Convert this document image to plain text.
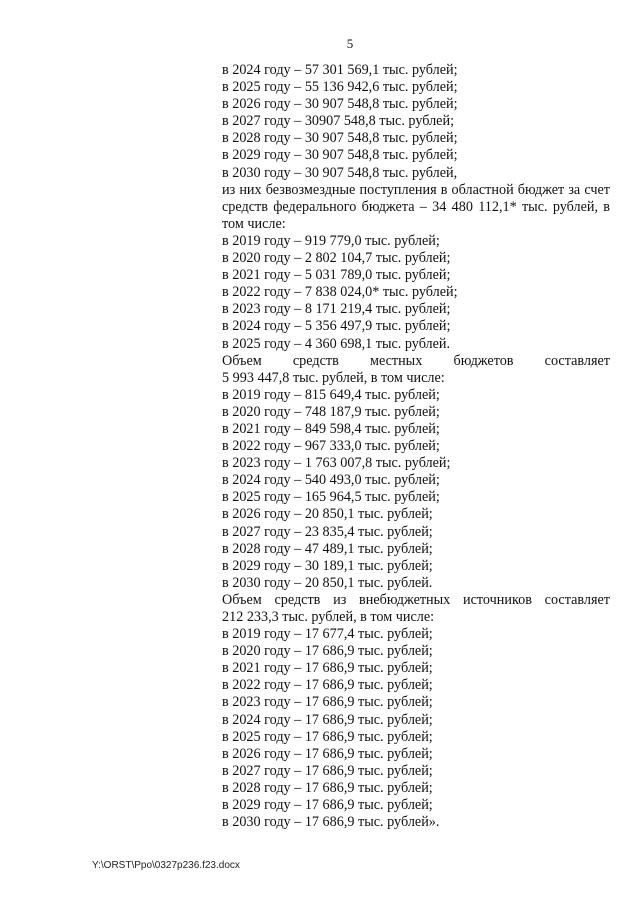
5
в 2024 году – 57 301 569,1 тыс. рублей;
в 2025 году – 55 136 942,6 тыс. рублей;
в 2026 году – 30 907 548,8 тыс. рублей;
в 2027 году – 30907 548,8 тыс. рублей;
в 2028 году – 30 907 548,8 тыс. рублей;
в 2029 году – 30 907 548,8 тыс. рублей;
в 2030 году – 30 907 548,8 тыс. рублей,
из них безвозмездные поступления в областной бюджет за счет средств федерального бюджета – 34 480 112,1* тыс. рублей, в том числе:
в 2019 году – 919 779,0 тыс. рублей;
в 2020 году – 2 802 104,7 тыс. рублей;
в 2021 году – 5 031 789,0 тыс. рублей;
в 2022 году – 7 838 024,0* тыс. рублей;
в 2023 году – 8 171 219,4 тыс. рублей;
в 2024 году – 5 356 497,9 тыс. рублей;
в 2025 году – 4 360 698,1 тыс. рублей.
Объем средств местных бюджетов составляет
5 993 447,8 тыс. рублей, в том числе:
в 2019 году – 815 649,4 тыс. рублей;
в 2020 году – 748 187,9 тыс. рублей;
в 2021 году – 849 598,4 тыс. рублей;
в 2022 году – 967 333,0 тыс. рублей;
в 2023 году – 1 763 007,8 тыс. рублей;
в 2024 году – 540 493,0 тыс. рублей;
в 2025 году – 165 964,5 тыс. рублей;
в 2026 году – 20 850,1 тыс. рублей;
в 2027 году – 23 835,4 тыс. рублей;
в 2028 году – 47 489,1 тыс. рублей;
в 2029 году – 30 189,1 тыс. рублей;
в 2030 году – 20 850,1 тыс. рублей.
Объем средств из внебюджетных источников составляет
212 233,3 тыс. рублей, в том числе:
в 2019 году – 17 677,4 тыс. рублей;
в 2020 году – 17 686,9 тыс. рублей;
в 2021 году – 17 686,9 тыс. рублей;
в 2022 году – 17 686,9 тыс. рублей;
в 2023 году – 17 686,9 тыс. рублей;
в 2024 году – 17 686,9 тыс. рублей;
в 2025 году – 17 686,9 тыс. рублей;
в 2026 году – 17 686,9 тыс. рублей;
в 2027 году – 17 686,9 тыс. рублей;
в 2028 году – 17 686,9 тыс. рублей;
в 2029 году – 17 686,9 тыс. рублей;
в 2030 году – 17 686,9 тыс. рублей».
Y:\ORST\Ppo\0327p236.f23.docx
